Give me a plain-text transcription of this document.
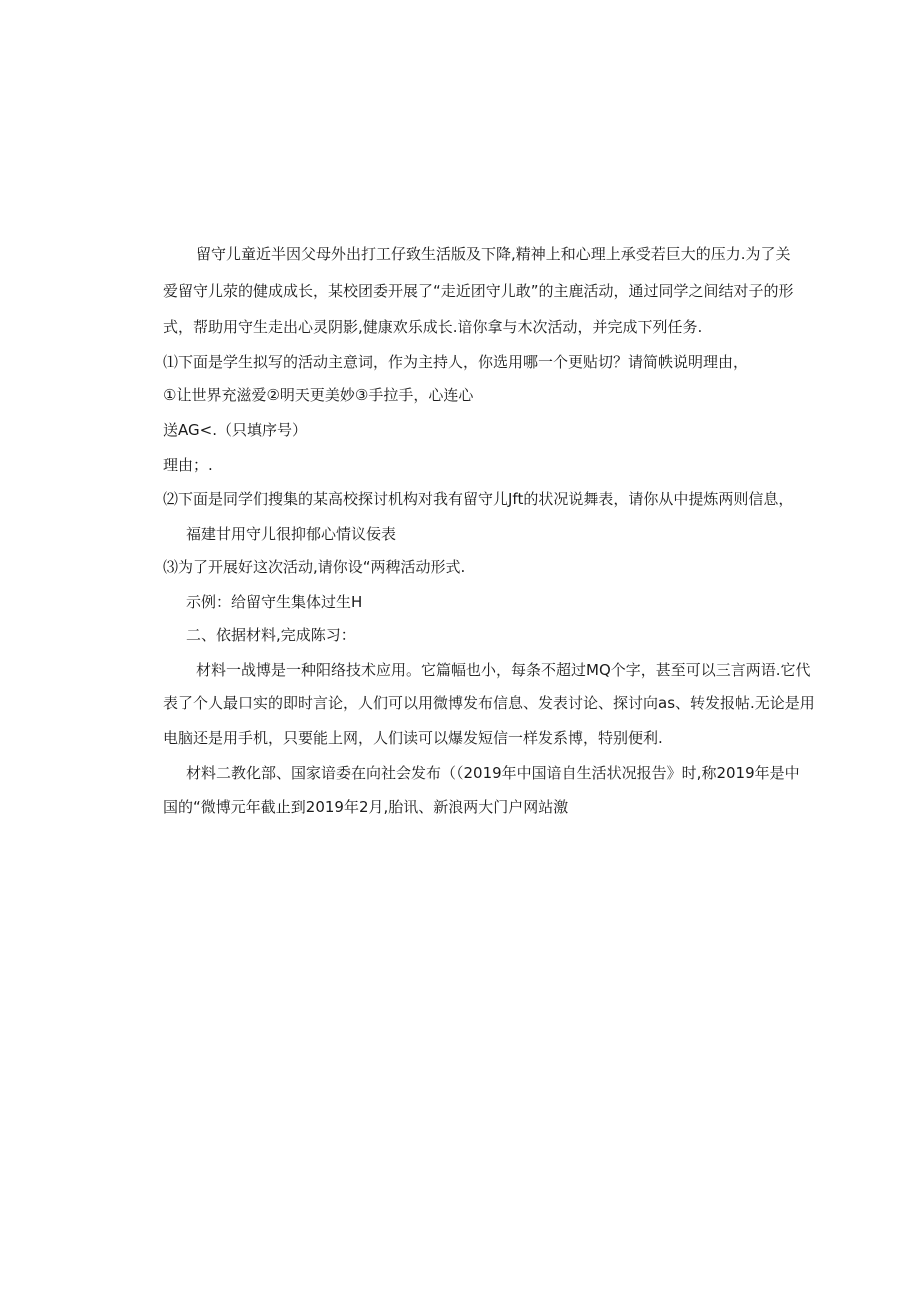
留守儿童近半因父母外出打工仔致生活版及下降,精神上和心理上承受若巨大的压力.为了关
爱留守儿荥的健成成长，某校团委开展了“走近团守儿敢”的主鹿活动，通过同学之间结对子的形
式，帮助用守生走出心灵阴影,健康欢乐成长.谙你拿与木次活动，并完成下列任务.
⑴下面是学生拟写的活动主意词，作为主持人，你选用哪一个更贴切？请简帙说明理由，
①让世界充滋爱②明天更美妙③手拉手，心连心
送AG<.（只填序号）
理由；.
⑵下面是同学们搜集的某高校探讨机构对我有留守儿Jft的状况说舞表，请你从中提炼两则信息，
福建甘用守儿很抑郁心情议佞表
⑶为了开展好这次活动,请你设“两稗活动形式.
示例：给留守生集体过生H
二、依据材料,完成陈习：
材料一战博是一种阳络技术应用。它篇幅也小，每条不超过MQ个字，甚至可以三言两语.它代
表了个人最口实的即时言论，人们可以用微博发布信息、发表讨论、探讨向as、转发报帖.无论是用
电脑还是用手机，只要能上网，人们读可以爆发短信一样发系博，特别便利.
材料二教化部、国家谙委在向社会发布（（2019年中国谙自生活状况报告》时,称2019年是中
国的“微博元年截止到2019年2月,胎讯、新浪两大门户网站激
